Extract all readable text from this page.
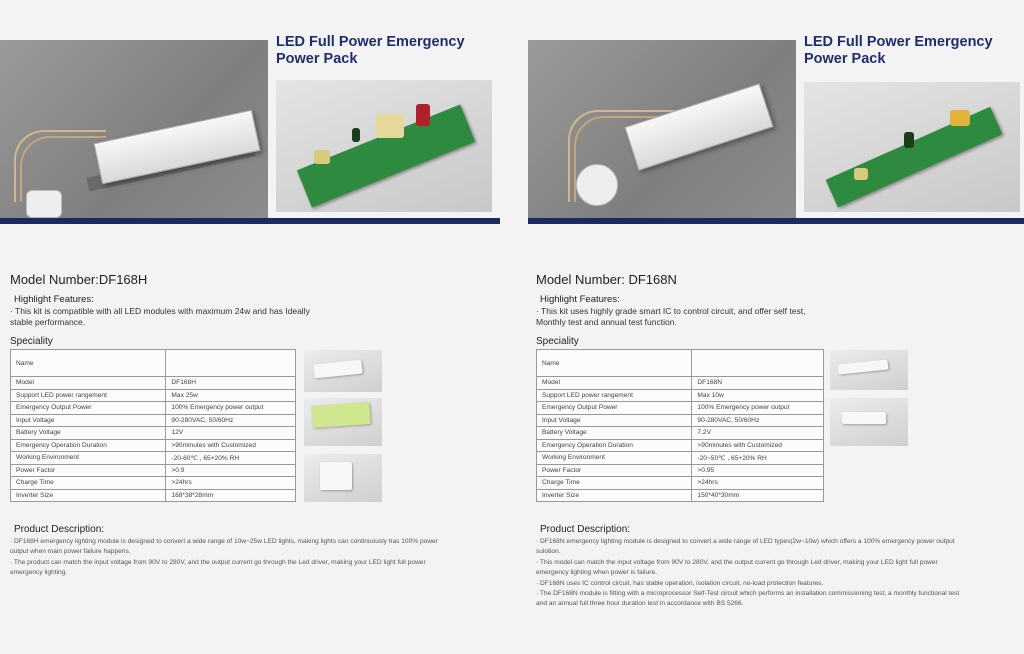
LED Full Power Emergency
Power Pack
Model Number:DF168H
Highlight Features:
· This kit is compatible with all LED modules with maximum 24w and has Ideally stable performance.
Speciality
Name	
Model	DF168H
Support LED power rangement	Max 25w
Emergency Output Power	100% Emergency power output
Input Voltage	90-280VAC, 50/60Hz
Battery Voltage	12V
Emergency Operation Duration	>90minutes with Customized
Working Environment	-20-60℃ , 65+20% RH
Power Factor	>0.9
Charge Time	>24hrs
Inverter Size	168*38*28mm
Product Description:
· DF168H emergency lighting module is designed to convert a wide range of 10w~25w LED lights, making lights can continuously has 100% power output when main power failure happens.
· The product can match the input voltage from 90V to 280V, and the output current go through the Led driver, making your LED light full power emergency lighting.
LED Full Power Emergency
Power Pack
Model Number: DF168N
Highlight Features:
· This kit uses highly grade smart IC to control circuit, and offer self test, Monthly test and annual test function.
Speciality
Name	
Model	DF168N
Support LED power rangement	Max 10w
Emergency Output Power	100% Emergency power output
Input Voltage	90-280VAC, 50/60Hz
Battery Voltage	7.2V
Emergency Operation Duration	>90minutes with Customized
Working Environment	-20~50℃ , 65+20% RH
Power Factor	>0.95
Charge Time	>24hrs
Inverter Size	150*40*30mm
Product Description:
· DF168N emergency lighting module is designed to convert a wide range of LED types(2w~10w) which offers a 100% emergency power output sulotion.
· This model can match the input voltage from 90V to 280V, and the output current go through Led driver, making your LED light full power emergency lighting when power is failure.
· DF168N uses IC control circuit, has stable operation, isolation circuit, no-load protection features.
· The DF168N module is fitting with a microprocessor Self-Test circuit which performs an installation commissioning test, a monthly functional test and an annual full three hour duration test in accordance with BS 5266.
